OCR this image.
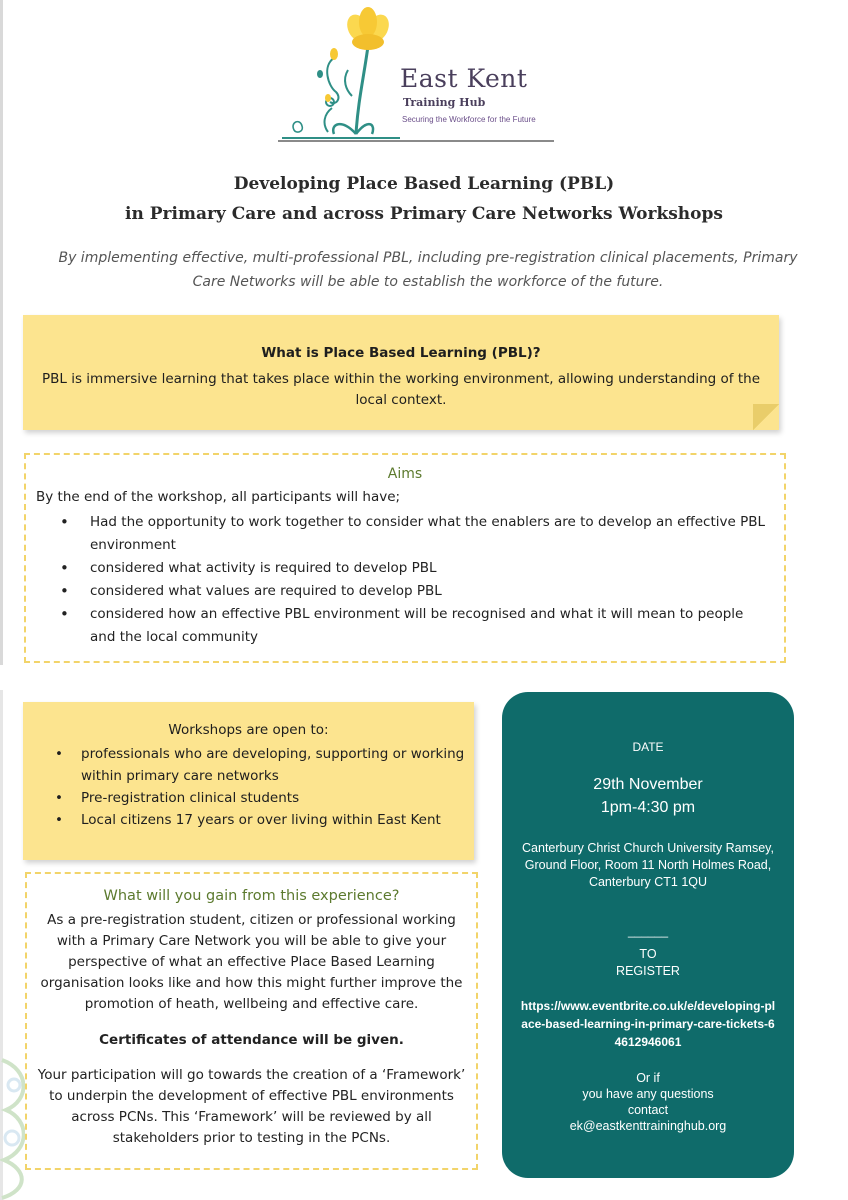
East Kent
Training Hub
Securing the Workforce for the Future
Developing Place Based Learning (PBL)
in Primary Care and across Primary Care Networks Workshops
By implementing effective, multi-professional PBL, including pre-registration clinical placements, Primary Care Networks will be able to establish the workforce of the future.
What is Place Based Learning (PBL)?
PBL is immersive learning that takes place within the working environment, allowing understanding of the local context.
Aims
By the end of the workshop, all participants will have;
• Had the opportunity to work together to consider what the enablers are to develop an effective PBL environment
• considered what activity is required to develop PBL
• considered what values are required to develop PBL
• considered how an effective PBL environment will be recognised and what it will mean to people and the local community
Workshops are open to:
• professionals who are developing, supporting or working within primary care networks
• Pre-registration clinical students
• Local citizens 17 years or over living within East Kent
What will you gain from this experience?
As a pre-registration student, citizen or professional working with a Primary Care Network you will be able to give your perspective of what an effective Place Based Learning organisation looks like and how this might further improve the promotion of heath, wellbeing and effective care.
Certificates of attendance will be given.
Your participation will go towards the creation of a ‘Framework’ to underpin the development of effective PBL environments across PCNs. This ‘Framework’ will be reviewed by all stakeholders prior to testing in the PCNs.
DATE
29th November
1pm-4:30 pm
Canterbury Christ Church University Ramsey, Ground Floor, Room 11 North Holmes Road, Canterbury CT1 1QU
______
TO
REGISTER
https://www.eventbrite.co.uk/e/developing-place-based-learning-in-primary-care-tickets-64612946061
Or if
you have any questions
contact
ek@eastkenttraininghub.org
